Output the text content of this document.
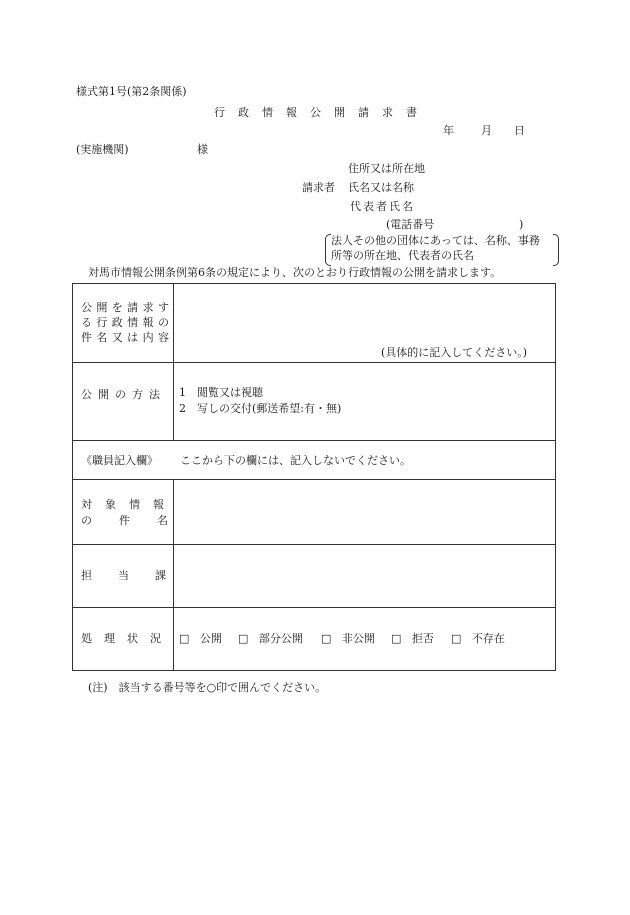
様式第1号(第2条関係)
行政情報公開請求書
年 月 日
(実施機関)	様
住所又は所在地
請求者 氏名又は名称
代表者氏名
(電話番号	)
法人その他の団体にあっては、名称、事務
所等の所在地、代表者の氏名
対馬市情報公開条例第6条の規定により、次のとおり行政情報の公開を請求します。
公 開 を 請 求 す
る 行 政 情 報 の
件 名 又 は 内 容
(具体的に記入してください。)
公開の方法 1　閲覧又は視聴
2　写しの交付(郵送希望:有・無)
《職員記入欄》 ここから下の欄には、記入しないでください。
対象情報
の件名
担当課
処理状況 □ 公開 □ 部分公開 □ 非公開 □ 拒否 □ 不存在
(注)　該当する番号等を○印で囲んでください。
